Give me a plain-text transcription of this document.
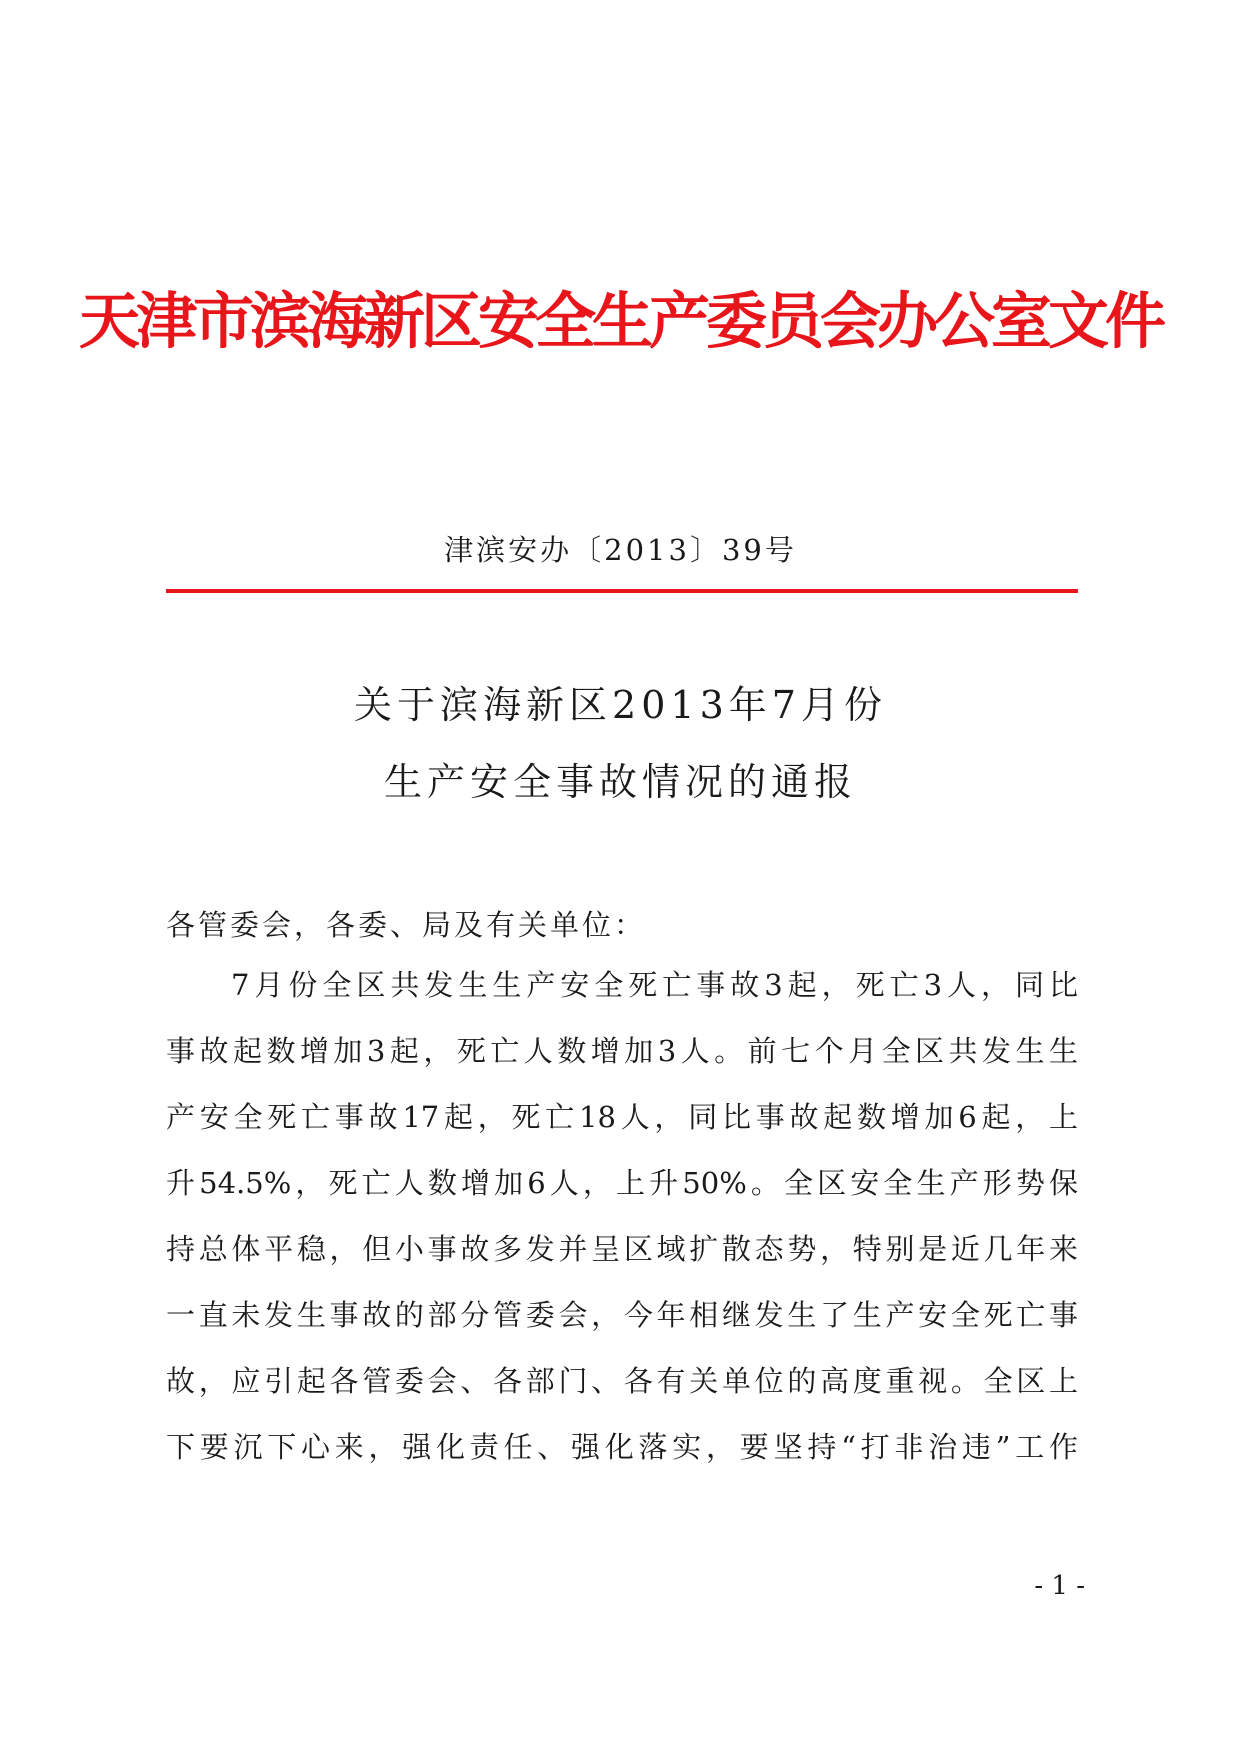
天津市滨海新区安全生产委员会办公室文件
津滨安办〔2013〕39号
关于滨海新区2013年7月份
生产安全事故情况的通报
各管委会，各委、局及有关单位：
7月份全区共发生生产安全死亡事故3起，死亡3人，同比
事故起数增加3起，死亡人数增加3人。前七个月全区共发生生
产安全死亡事故17起，死亡18人，同比事故起数增加6起，上
升54.5%，死亡人数增加6人，上升50%。全区安全生产形势保
持总体平稳，但小事故多发并呈区域扩散态势，特别是近几年来
一直未发生事故的部分管委会，今年相继发生了生产安全死亡事
故，应引起各管委会、各部门、各有关单位的高度重视。全区上
下要沉下心来，强化责任、强化落实，要坚持“打非治违”工作
- 1 -
